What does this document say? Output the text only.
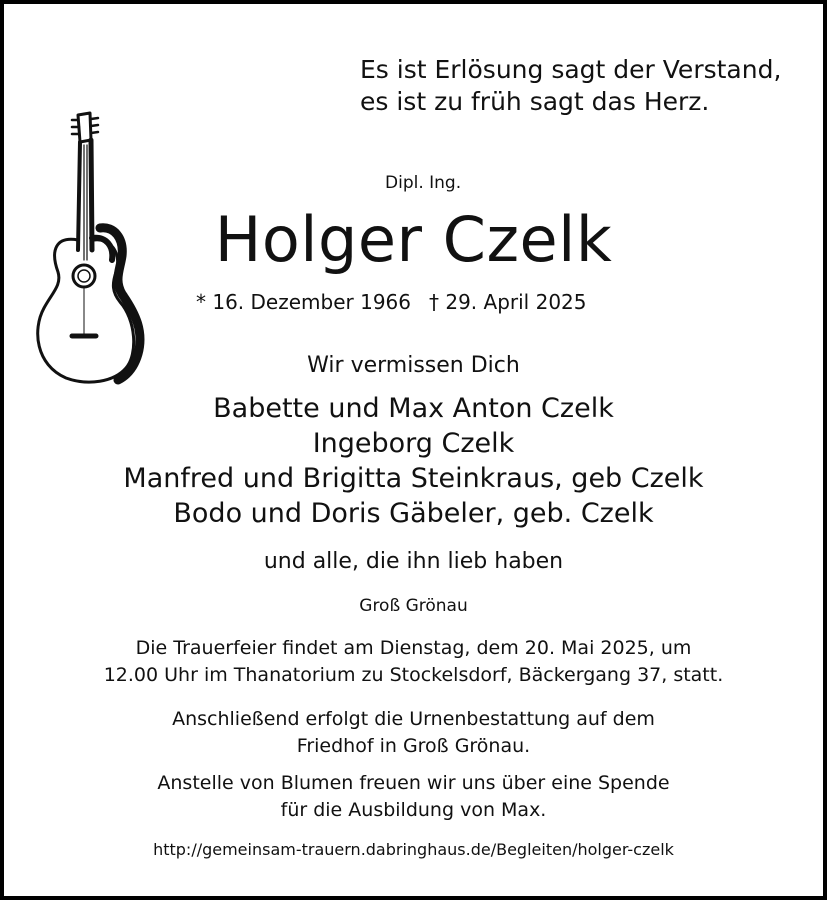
Es ist Erlösung sagt der Verstand,
es ist zu früh sagt das Herz.

Dipl. Ing.

Holger Czelk

* 16. Dezember 1966 † 29. April 2025

Wir vermissen Dich

Babette und Max Anton Czelk
Ingeborg Czelk
Manfred und Brigitta Steinkraus, geb Czelk
Bodo und Doris Gäbeler, geb. Czelk

und alle, die ihn lieb haben

Groß Grönau

Die Trauerfeier findet am Dienstag, dem 20. Mai 2025, um
12.00 Uhr im Thanatorium zu Stockelsdorf, Bäckergang 37, statt.
Anschließend erfolgt die Urnenbestattung auf dem
Friedhof in Groß Grönau.
Anstelle von Blumen freuen wir uns über eine Spende
für die Ausbildung von Max.

http://gemeinsam-trauern.dabringhaus.de/Begleiten/holger-czelk
